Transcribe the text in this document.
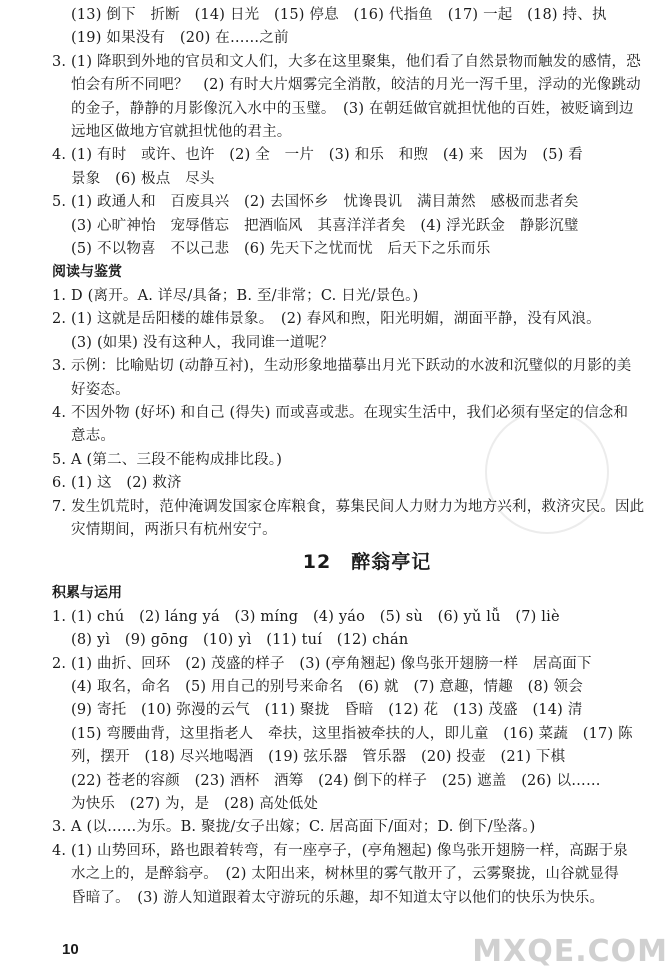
(13) 倒下　折断　(14) 日光　(15) 停息　(16) 代指鱼　(17) 一起　(18) 持、执
(19) 如果没有　(20) 在……之前
3. (1) 降职到外地的官员和文人们，大多在这里聚集，他们看了自然景物而触发的感情，恐
怕会有所不同吧？　(2) 有时大片烟雾完全消散，皎洁的月光一泻千里，浮动的光像跳动
的金子，静静的月影像沉入水中的玉璧。　(3) 在朝廷做官就担忧他的百姓，被贬谪到边
远地区做地方官就担忧他的君主。
4. (1) 有时　或许、也许　(2) 全　一片　(3) 和乐　和煦　(4) 来　因为　(5) 看
景象　(6) 极点　尽头
5. (1) 政通人和　百废具兴　(2) 去国怀乡　忧谗畏讥　满目萧然　感极而悲者矣
(3) 心旷神怡　宠辱偕忘　把酒临风　其喜洋洋者矣　(4) 浮光跃金　静影沉璧
(5) 不以物喜　不以己悲　(6) 先天下之忧而忧　后天下之乐而乐
阅读与鉴赏
1. D (离开。A. 详尽/具备；B. 至/非常；C. 日光/景色。)
2. (1) 这就是岳阳楼的雄伟景象。　(2) 春风和煦，阳光明媚，湖面平静，没有风浪。
(3) (如果) 没有这种人，我同谁一道呢？
3. 示例：比喻贴切 (动静互衬)，生动形象地描摹出月光下跃动的水波和沉璧似的月影的美
好姿态。
4. 不因外物 (好坏) 和自己 (得失) 而或喜或悲。在现实生活中，我们必须有坚定的信念和
意志。
5. A (第二、三段不能构成排比段。)
6. (1) 这　(2) 救济
7. 发生饥荒时，范仲淹调发国家仓库粮食，募集民间人力财力为地方兴利，救济灾民。因此
灾情期间，两浙只有杭州安宁。
12　醉翁亭记
积累与运用
1. (1) chú　(2) láng yá　(3) míng　(4) yáo　(5) sù　(6) yǔ lǚ　(7) liè
(8) yì　(9) gōng　(10) yì　(11) tuí　(12) chán
2. (1) 曲折、回环　(2) 茂盛的样子　(3) (亭角翘起) 像鸟张开翅膀一样　居高面下
(4) 取名，命名　(5) 用自己的别号来命名　(6) 就　(7) 意趣，情趣　(8) 领会
(9) 寄托　(10) 弥漫的云气　(11) 聚拢　昏暗　(12) 花　(13) 茂盛　(14) 清
(15) 弯腰曲背，这里指老人　牵扶，这里指被牵扶的人，即儿童　(16) 菜蔬　(17) 陈
列，摆开　(18) 尽兴地喝酒　(19) 弦乐器　管乐器　(20) 投壶　(21) 下棋
(22) 苍老的容颜　(23) 酒杯　酒筹　(24) 倒下的样子　(25) 遮盖　(26) 以……
为快乐　(27) 为，是　(28) 高处低处
3. A (以……为乐。B. 聚拢/女子出嫁；C. 居高面下/面对；D. 倒下/坠落。)
4. (1) 山势回环，路也跟着转弯，有一座亭子，(亭角翘起) 像鸟张开翅膀一样，高踞于泉
水之上的，是醉翁亭。　(2) 太阳出来，树林里的雾气散开了，云雾聚拢，山谷就显得
昏暗了。　(3) 游人知道跟着太守游玩的乐趣，却不知道太守以他们的快乐为快乐。
10	MXQE.COM
